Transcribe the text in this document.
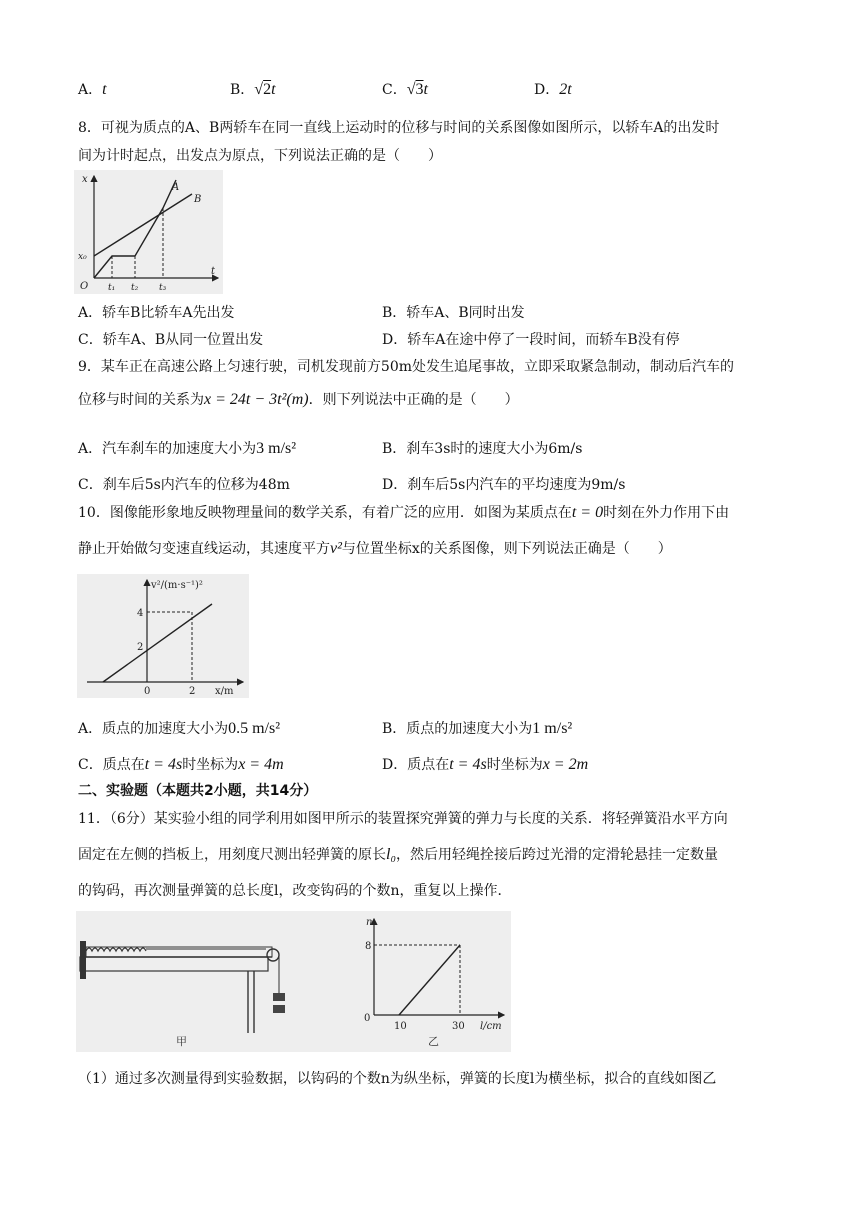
A．t	B．√2t	C．√3t	D．2t
8．可视为质点的A、B两轿车在同一直线上运动时的位移与时间的关系图像如图所示，以轿车A的出发时
间为计时起点，出发点为原点，下列说法正确的是（　　）
x
t
O
x₀
t₁ t₂ t₃
A
B
A．轿车B比轿车A先出发	B．轿车A、B同时出发
C．轿车A、B从同一位置出发	D．轿车A在途中停了一段时间，而轿车B没有停
9．某车正在高速公路上匀速行驶，司机发现前方50m处发生追尾事故，立即采取紧急制动，制动后汽车的
位移与时间的关系为x = 24t − 3t²(m)．则下列说法中正确的是（　　）
A．汽车刹车的加速度大小为3 m/s²	B．刹车3s时的速度大小为6m/s
C．刹车后5s内汽车的位移为48m	D．刹车后5s内汽车的平均速度为9m/s
10．图像能形象地反映物理量间的数学关系，有着广泛的应用．如图为某质点在t = 0时刻在外力作用下由
静止开始做匀变速直线运动，其速度平方v²与位置坐标x的关系图像，则下列说法正确是（　　）
v²/(m·s⁻¹)²
x/m
4
2
0	2
A．质点的加速度大小为0.5 m/s²	B．质点的加速度大小为1 m/s²
C．质点在t = 4s时坐标为x = 4m	D．质点在t = 4s时坐标为x = 2m
二、实验题（本题共2小题，共14分）
11．（6分）某实验小组的同学利用如图甲所示的装置探究弹簧的弹力与长度的关系．将轻弹簧沿水平方向
固定在左侧的挡板上，用刻度尺测出轻弹簧的原长l₀，然后用轻绳拴接后跨过光滑的定滑轮悬挂一定数量
的钩码，再次测量弹簧的总长度l，改变钩码的个数n，重复以上操作．
甲
n
8
0
10	30 l/cm
乙
（1）通过多次测量得到实验数据，以钩码的个数n为纵坐标，弹簧的长度l为横坐标，拟合的直线如图乙
